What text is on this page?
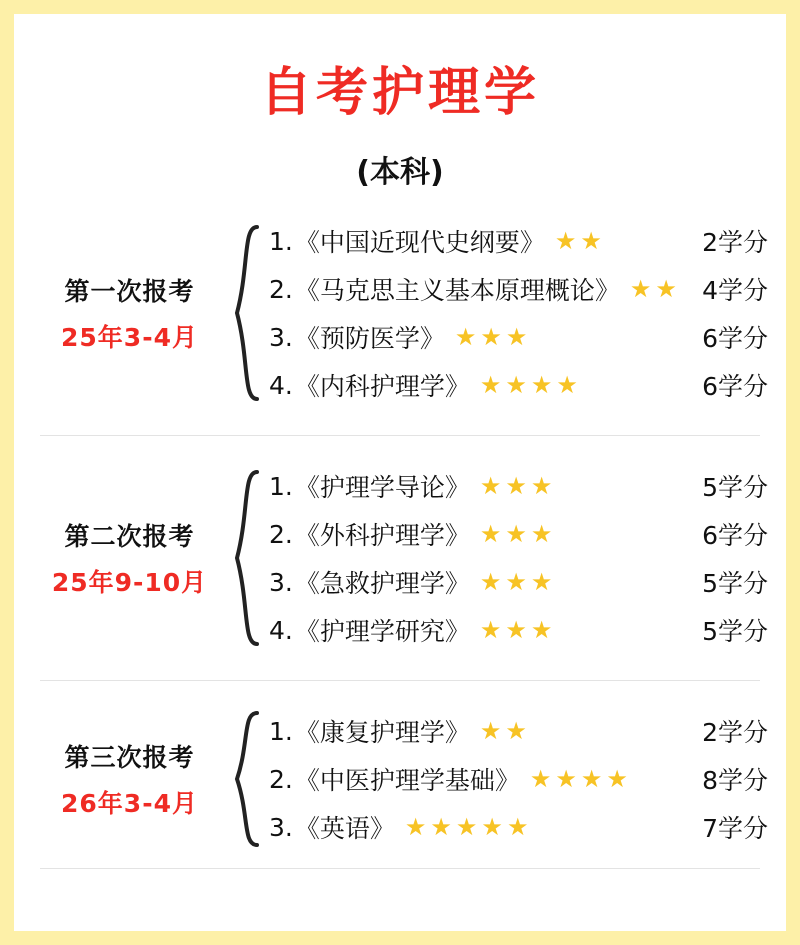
自考护理学
(本科)
第一次报考
25年3-4月
1. 《中国近现代史纲要》 ★★	2学分
2. 《马克思主义基本原理概论》 ★★ 4学分
3. 《预防医学》 ★★★	6学分
4. 《内科护理学》 ★★★★	6学分
第二次报考
25年9-10月
1. 《护理学导论》 ★★★	5学分
2. 《外科护理学》 ★★★	6学分
3. 《急救护理学》 ★★★	5学分
4. 《护理学研究》 ★★★	5学分
第三次报考
26年3-4月
1. 《康复护理学》 ★★	2学分
2. 《中医护理学基础》 ★★★★	8学分
3. 《英语》 ★★★★★	7学分
